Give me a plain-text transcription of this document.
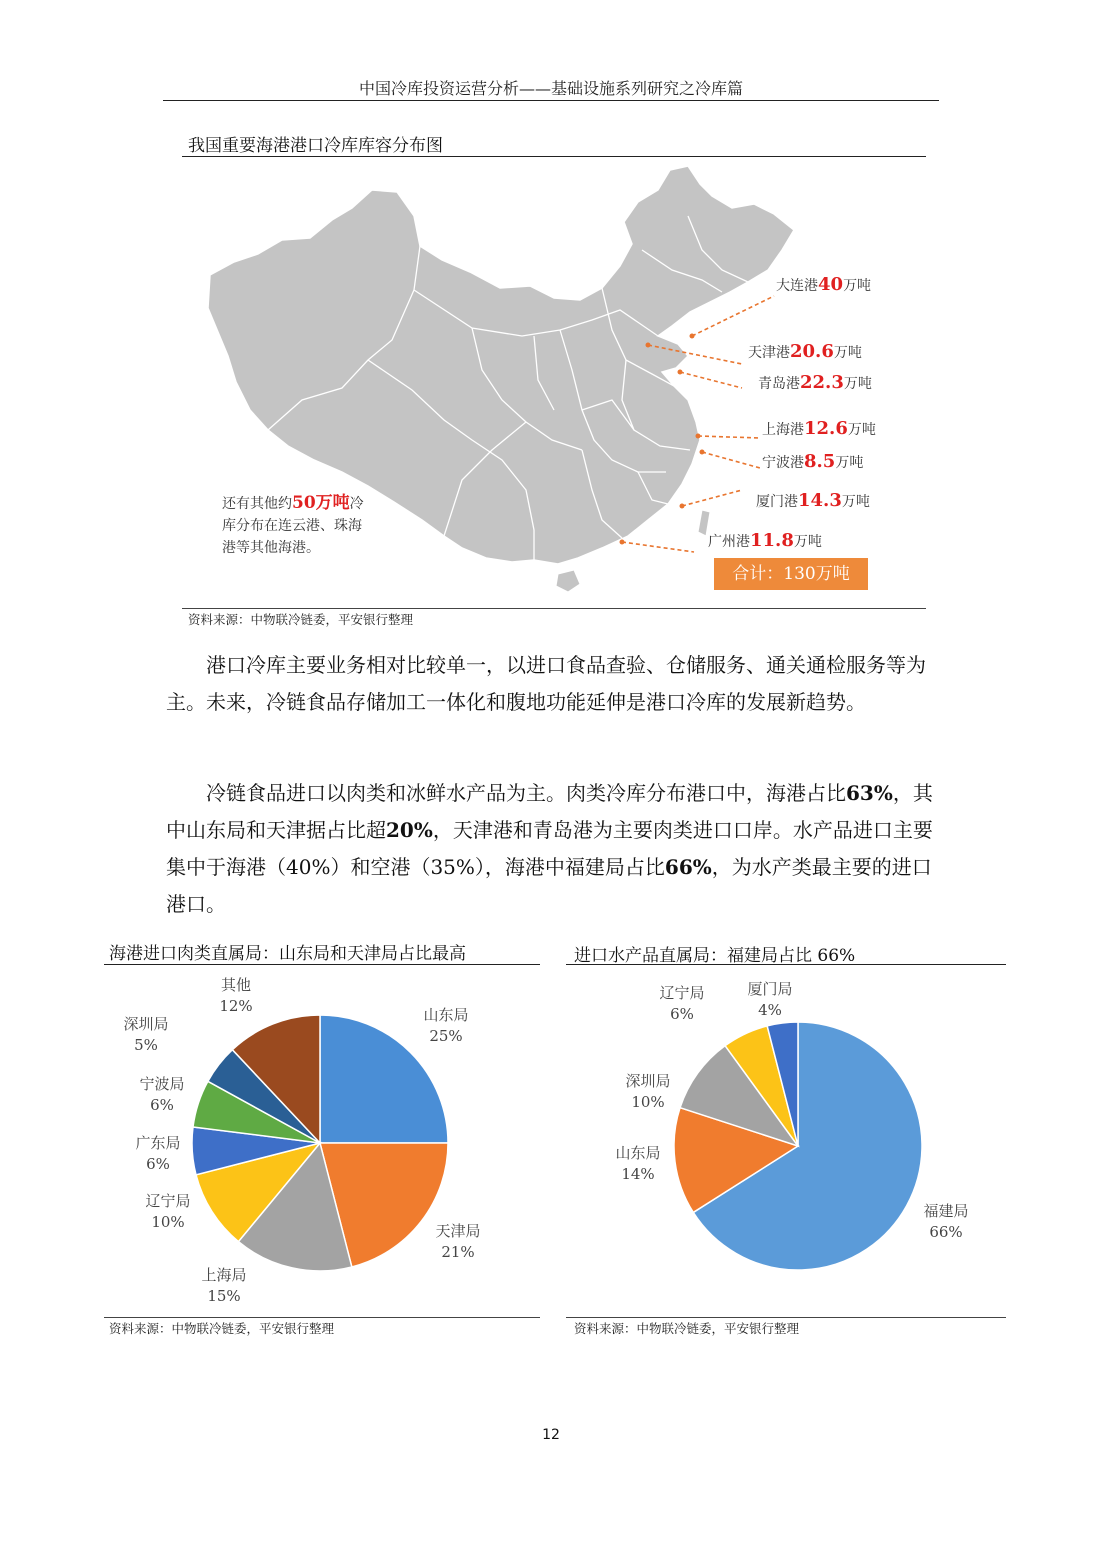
中国冷库投资运营分析——基础设施系列研究之冷库篇
我国重要海港港口冷库库容分布图
大连港40万吨
天津港20.6万吨
青岛港22.3万吨
上海港12.6万吨
宁波港8.5万吨
厦门港14.3万吨
广州港11.8万吨
还有其他约50万吨冷
库分布在连云港、珠海
港等其他海港。
合计：130万吨
资料来源：中物联冷链委，平安银行整理

港口冷库主要业务相对比较单一，以进口食品查验、仓储服务、通关通检服务等为主。未来，冷链食品存储加工一体化和腹地功能延伸是港口冷库的发展新趋势。

冷链食品进口以肉类和冰鲜水产品为主。肉类冷库分布港口中，海港占比63%，其中山东局和天津据占比超20%，天津港和青岛港为主要肉类进口口岸。水产品进口主要集中于海港（40%）和空港（35%），海港中福建局占比66%，为水产类最主要的进口港口。

海港进口肉类直属局：山东局和天津局占比最高
山东局
25%
天津局
21%
上海局
15%
辽宁局
10%
广东局
6%
宁波局
6%
深圳局
5%
其他
12%
资料来源：中物联冷链委，平安银行整理
进口水产品直属局：福建局占比 66%
福建局
66%
山东局
14%
深圳局
10%
辽宁局
6%
厦门局
4%
资料来源：中物联冷链委，平安银行整理
12
